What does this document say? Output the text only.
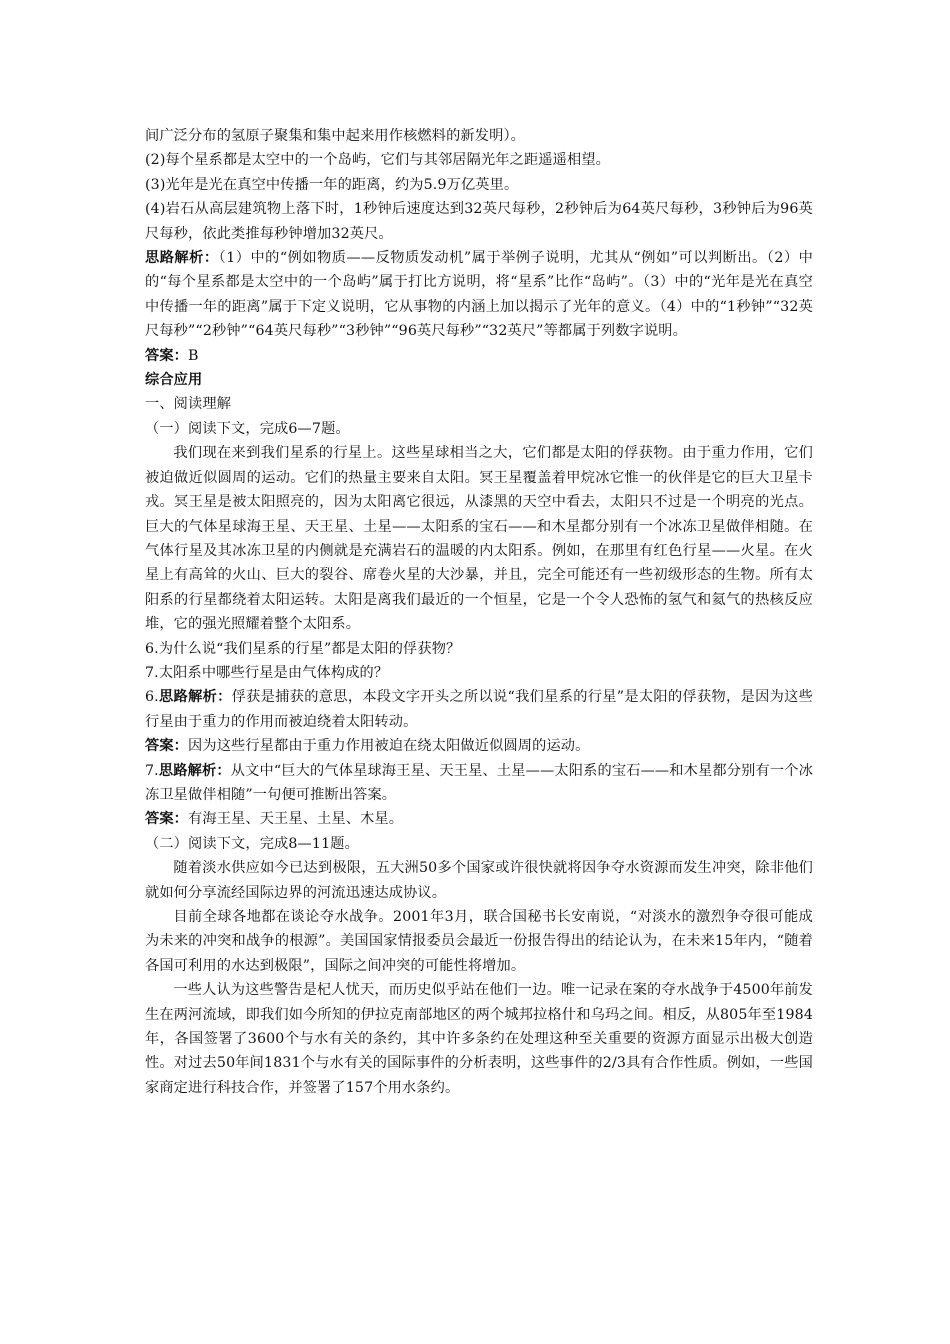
间广泛分布的氢原子聚集和集中起来用作核燃料的新发明）。

(2)每个星系都是太空中的一个岛屿，它们与其邻居隔光年之距遥遥相望。

(3)光年是光在真空中传播一年的距离，约为5.9万亿英里。

(4)岩石从高层建筑物上落下时，1秒钟后速度达到32英尺每秒，2秒钟后为64英尺每秒，3秒钟后为96英尺每秒，依此类推每秒钟增加32英尺。

思路解析：（1）中的“例如物质——反物质发动机”属于举例子说明，尤其从“例如”可以判断出。（2）中的“每个星系都是太空中的一个岛屿”属于打比方说明，将“星系”比作“岛屿”。（3）中的“光年是光在真空中传播一年的距离”属于下定义说明，它从事物的内涵上加以揭示了光年的意义。（4）中的“1秒钟”“32英尺每秒”“2秒钟”“64英尺每秒”“3秒钟”“96英尺每秒”“32英尺”等都属于列数字说明。

答案：B

综合应用

一、阅读理解

（一）阅读下文，完成6—7题。

我们现在来到我们星系的行星上。这些星球相当之大，它们都是太阳的俘获物。由于重力作用，它们被迫做近似圆周的运动。它们的热量主要来自太阳。冥王星覆盖着甲烷冰它惟一的伙伴是它的巨大卫星卡戎。冥王星是被太阳照亮的，因为太阳离它很远，从漆黑的天空中看去，太阳只不过是一个明亮的光点。巨大的气体星球海王星、天王星、土星——太阳系的宝石——和木星都分别有一个冰冻卫星做伴相随。在气体行星及其冰冻卫星的内侧就是充满岩石的温暖的内太阳系。例如，在那里有红色行星——火星。在火星上有高耸的火山、巨大的裂谷、席卷火星的大沙暴，并且，完全可能还有一些初级形态的生物。所有太阳系的行星都绕着太阳运转。太阳是离我们最近的一个恒星，它是一个令人恐怖的氢气和氦气的热核反应堆，它的强光照耀着整个太阳系。

6.为什么说“我们星系的行星”都是太阳的俘获物？

7.太阳系中哪些行星是由气体构成的？

6.思路解析：俘获是捕获的意思，本段文字开头之所以说“我们星系的行星”是太阳的俘获物，是因为这些行星由于重力的作用而被迫绕着太阳转动。

答案：因为这些行星都由于重力作用被迫在绕太阳做近似圆周的运动。

7.思路解析：从文中“巨大的气体星球海王星、天王星、土星——太阳系的宝石——和木星都分别有一个冰冻卫星做伴相随”一句便可推断出答案。

答案：有海王星、天王星、土星、木星。

（二）阅读下文，完成8—11题。

随着淡水供应如今已达到极限，五大洲50多个国家或许很快就将因争夺水资源而发生冲突，除非他们就如何分享流经国际边界的河流迅速达成协议。

目前全球各地都在谈论夺水战争。2001年3月，联合国秘书长安南说，“对淡水的激烈争夺很可能成为未来的冲突和战争的根源”。美国国家情报委员会最近一份报告得出的结论认为，在未来15年内，“随着各国可利用的水达到极限”，国际之间冲突的可能性将增加。

一些人认为这些警告是杞人忧天，而历史似乎站在他们一边。唯一记录在案的夺水战争于4500年前发生在两河流域，即我们如今所知的伊拉克南部地区的两个城邦拉格什和乌玛之间。相反，从805年至1984年，各国签署了3600个与水有关的条约，其中许多条约在处理这种至关重要的资源方面显示出极大创造性。对过去50年间1831个与水有关的国际事件的分析表明，这些事件的2/3具有合作性质。例如，一些国家商定进行科技合作，并签署了157个用水条约。
